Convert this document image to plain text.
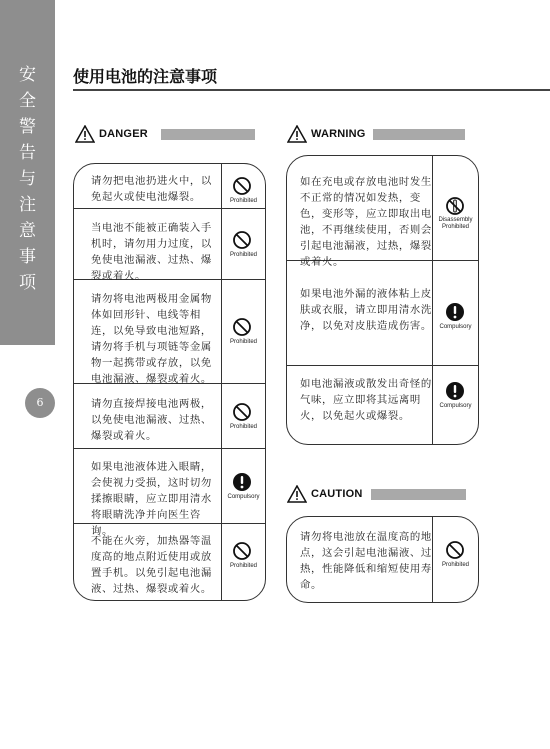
安
全
警
告
与
注
意
事
项
6
使用电池的注意事项
DANGER
请勿把电池扔进火中，以免起火或使电池爆裂。
当电池不能被正确装入手机时，请勿用力过度，以免使电池漏液、过热、爆裂或着火。
请勿将电池两极用金属物体如回形针、电线等相连，以免导致电池短路，请勿将手机与项链等金属物一起携带或存放，以免电池漏液、爆裂或着火。
请勿直接焊接电池两极，以免使电池漏液、过热、爆裂或着火。
如果电池液体进入眼睛，会使视力受损，这时切勿揉擦眼睛，应立即用清水将眼睛洗净并向医生咨询。
不能在火旁，加热器等温度高的地点附近使用或放置手机。以免引起电池漏液、过热、爆裂或着火。
Prohibited
Prohibited
Prohibited
Prohibited
Compulsory
Prohibited
WARNING
如在充电或存放电池时发生不正常的情况如发热，变色，变形等，应立即取出电池，不再继续使用，否则会引起电池漏液，过热，爆裂或着火。
如果电池外漏的液体粘上皮肤或衣服，请立即用清水洗净，以免对皮肤造成伤害。
如电池漏液或散发出奇怪的气味，应立即将其远离明火，以免起火或爆裂。
Disassembly Prohibited
Compulsory
Compulsory
CAUTION
请勿将电池放在温度高的地点，这会引起电池漏液、过热，性能降低和缩短使用寿命。
Prohibited
